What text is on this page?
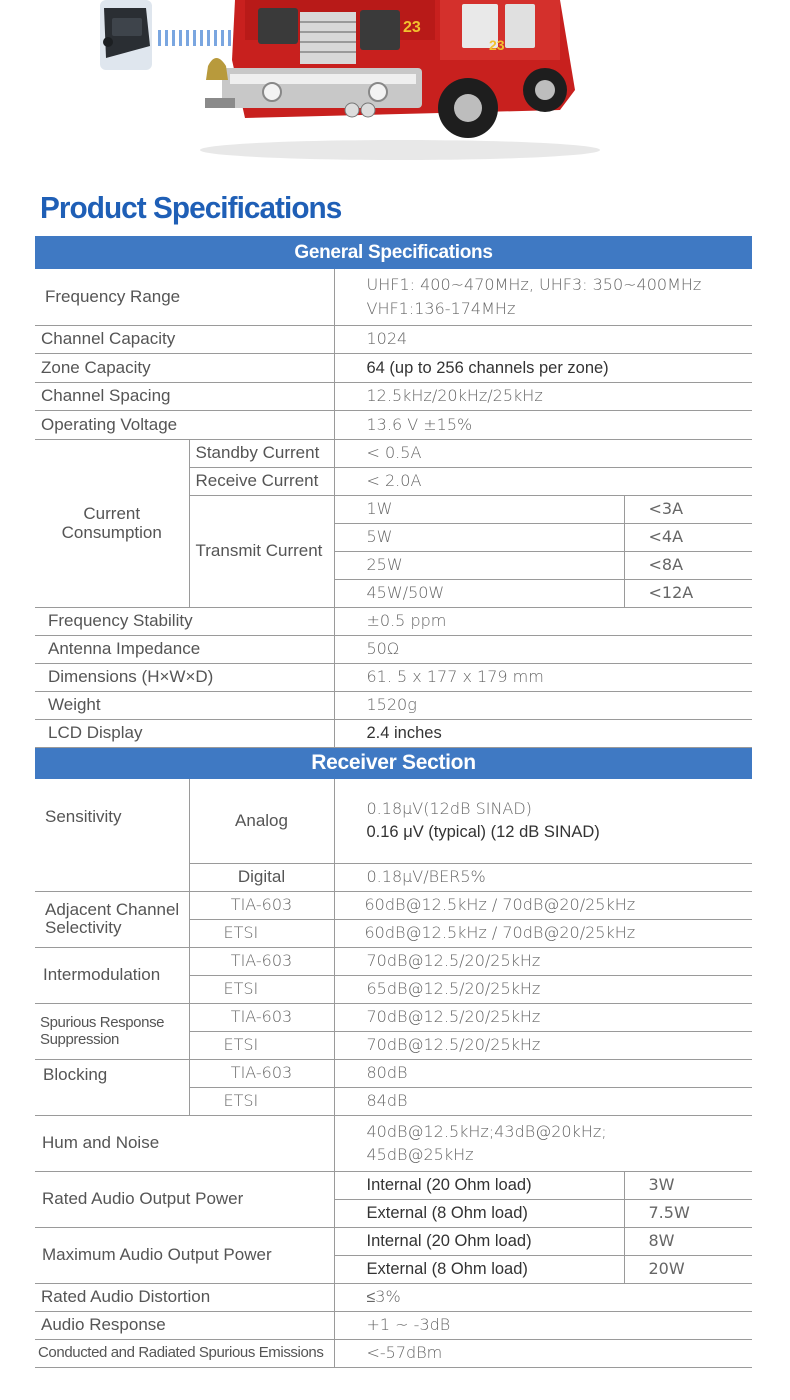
23
23
Product Specifications
General Specifications			
Frequency Range		UHF1: 400~470MHz, UHF3: 350~400MHz
VHF1:136-174MHz	

Channel Capacity		1024	
Zone Capacity		64 (up to 256 channels per zone)	
Channel Spacing		12.5kHz/20kHz/25kHz	
Operating Voltage		13.6 V ±15%	

Current
Consumption	Standby Current	< 0.5A	
	Receive Current	< 2.0A	
	Transmit Current	1W	<3A
		5W	<4A
		25W	<8A
		45W/50W	<12A
Frequency Stability		±0.5 ppm	
Antenna Impedance		50Ω	
Dimensions (H×W×D)		61. 5 x 177 x 179 mm	
Weight		1520g	
LCD Display		2.4 inches	
Receiver Section			
Sensitivity	Analog	0.18μV(12dB SINAD)
0.16 μV (typical) (12 dB SINAD)	

	Digital	0.18μV/BER5%	

Adjacent Channel
Selectivity	TIA-603	60dB@12.5kHz / 70dB@20/25kHz	
	ETSI	60dB@12.5kHz / 70dB@20/25kHz	
Intermodulation	TIA-603	70dB@12.5/20/25kHz	
	ETSI	65dB@12.5/20/25kHz	

Spurious Response
Suppression	TIA-603	70dB@12.5/20/25kHz	
	ETSI	70dB@12.5/20/25kHz	
Blocking	TIA-603	80dB	
	ETSI	84dB	
Hum and Noise		40dB@12.5kHz;43dB@20kHz;
45dB@25kHz	

Rated Audio Output Power		Internal (20 Ohm load)	3W
		External (8 Ohm load)	7.5W
Maximum Audio Output Power		Internal (20 Ohm load)	8W
		External (8 Ohm load)	20W
Rated Audio Distortion		≤3%	
Audio Response		+1 ~ -3dB	
Conducted and Radiated Spurious Emissions		<-57dBm	
